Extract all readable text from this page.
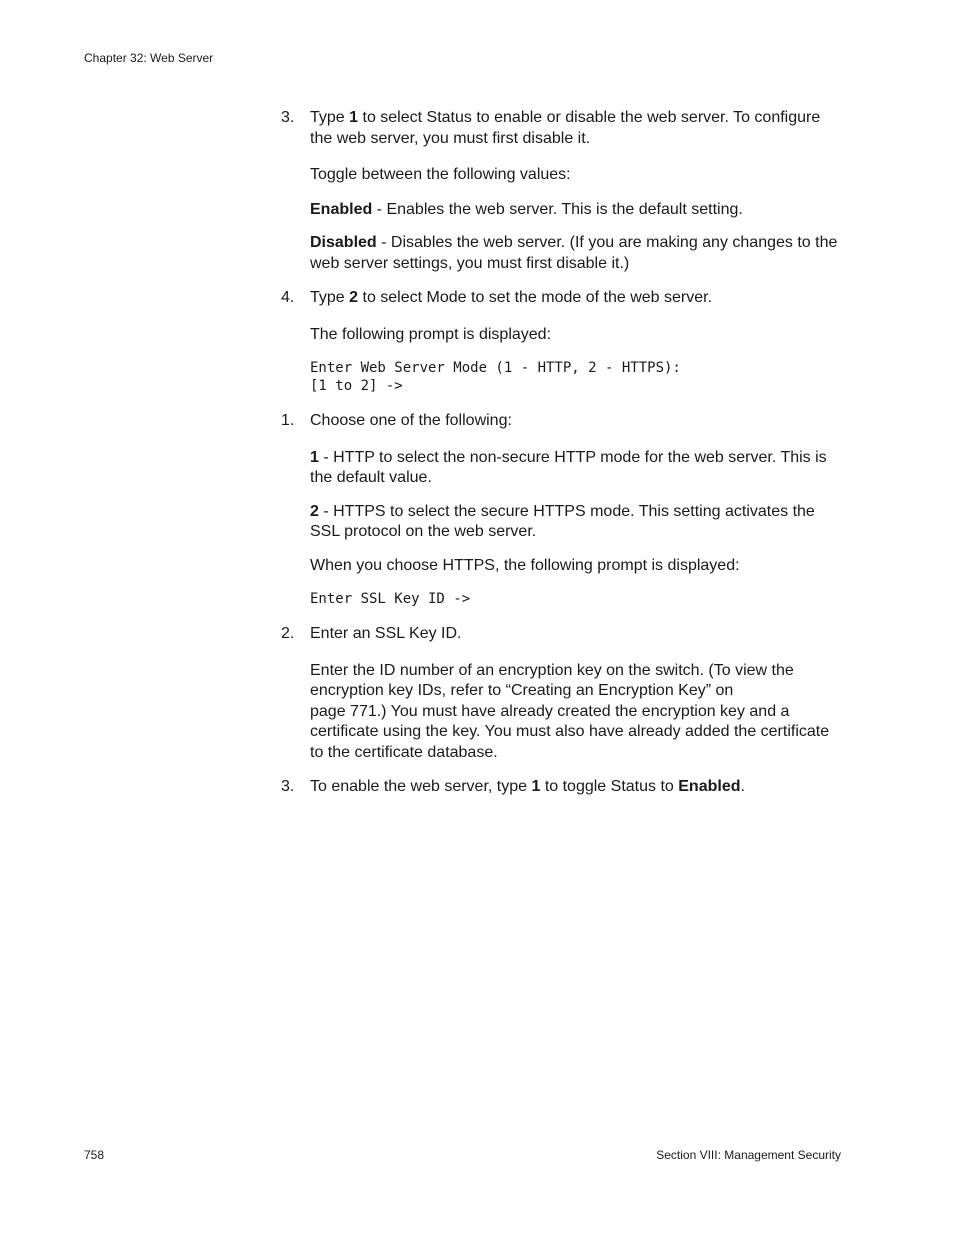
Chapter 32: Web Server
3. Type 1 to select Status to enable or disable the web server. To configure the web server, you must first disable it.

Toggle between the following values:

Enabled - Enables the web server. This is the default setting.

Disabled - Disables the web server. (If you are making any changes to the web server settings, you must first disable it.)

4. Type 2 to select Mode to set the mode of the web server.

The following prompt is displayed:

Enter Web Server Mode (1 - HTTP, 2 - HTTPS):
[1 to 2] ->
1. Choose one of the following:

1 - HTTP to select the non-secure HTTP mode for the web server. This is the default value.

2 - HTTPS to select the secure HTTPS mode. This setting activates the SSL protocol on the web server.

When you choose HTTPS, the following prompt is displayed:

Enter SSL Key ID ->
2. Enter an SSL Key ID.

Enter the ID number of an encryption key on the switch. (To view the encryption key IDs, refer to “Creating an Encryption Key” on
page 771.) You must have already created the encryption key and a certificate using the key. You must also have already added the certificate to the certificate database.

3. To enable the web server, type 1 to toggle Status to Enabled.
758	Section VIII: Management Security
